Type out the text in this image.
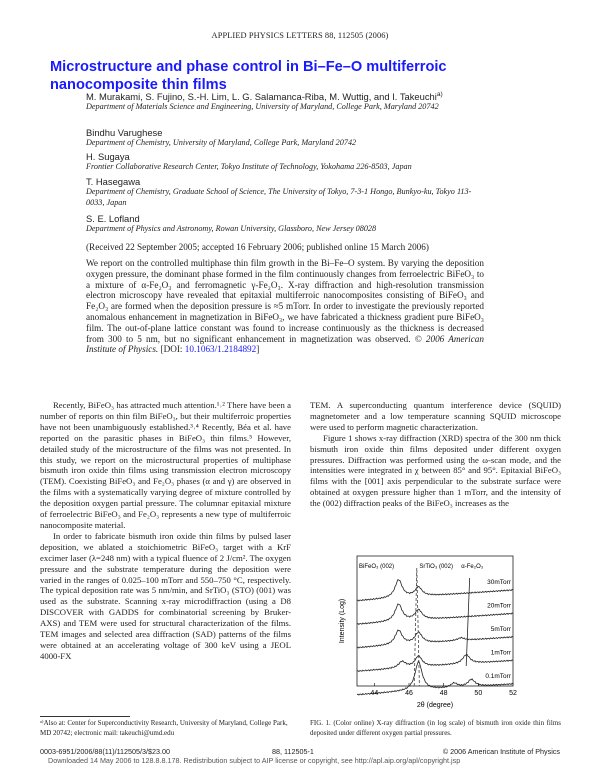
APPLIED PHYSICS LETTERS 88, 112505 (2006)
Microstructure and phase control in Bi–Fe–O multiferroic nanocomposite thin films
M. Murakami, S. Fujino, S.-H. Lim, L. G. Salamanca-Riba, M. Wuttig, and I. Takeuchi$^{a)}$
Department of Materials Science and Engineering, University of Maryland, College Park, Maryland 20742
Bindhu Varughese
Department of Chemistry, University of Maryland, College Park, Maryland 20742
H. Sugaya
Frontier Collaborative Research Center, Tokyo Institute of Technology, Yokohama 226-8503, Japan
T. Hasegawa
Department of Chemistry, Graduate School of Science, The University of Tokyo, 7-3-1 Hongo, Bunkyo-ku, Tokyo 113-0033, Japan
S. E. Lofland
Department of Physics and Astronomy, Rowan University, Glassboro, New Jersey 08028
(Received 22 September 2005; accepted 16 February 2006; published online 15 March 2006)
We report on the controlled multiphase thin film growth in the Bi–Fe–O system. By varying the deposition oxygen pressure, the dominant phase formed in the film continuously changes from ferroelectric BiFeO₃ to a mixture of α-Fe₂O₃ and ferromagnetic γ-Fe₂O₃. X-ray diffraction and high-resolution transmission electron microscopy have revealed that epitaxial multiferroic nanocomposites consisting of BiFeO₃ and Fe₂O₃ are formed when the deposition pressure is ≈5 mTorr. In order to investigate the previously reported anomalous enhancement in magnetization in BiFeO₃, we have fabricated a thickness gradient pure BiFeO₃ film. The out-of-plane lattice constant was found to increase continuously as the thickness is decreased from 300 to 5 nm, but no significant enhancement in magnetization was observed. © 2006 American Institute of Physics. [DOI: 10.1063/1.2184892]

Recently, BiFeO₃ has attracted much attention.¹˒² There have been a number of reports on thin film BiFeO₃, but their multiferroic properties have not been unambiguously established.³˒⁴ Recently, Béa et al. have reported on the parasitic phases in BiFeO₃ thin films.⁵ However, detailed study of the microstructure of the films was not presented. In this study, we report on the microstructural properties of multiphase bismuth iron oxide thin films using transmission electron microscopy (TEM). Coexisting BiFeO₃ and Fe₂O₃ phases (α and γ) are observed in the films with a systematically varying degree of mixture controlled by the deposition oxygen partial pressure. The columnar epitaxial mixture of ferroelectric BiFeO₃ and Fe₂O₃ represents a new type of multiferroic nanocomposite material.

In order to fabricate bismuth iron oxide thin films by pulsed laser deposition, we ablated a stoichiometric BiFeO₃ target with a KrF excimer laser (λ=248 nm) with a typical fluence of 2 J/cm². The oxygen pressure and the substrate temperature during the deposition were varied in the ranges of 0.025–100 mTorr and 550–750 °C, respectively. The typical deposition rate was 5 nm/min, and SrTiO₃ (STO) (001) was used as the substrate. Scanning x-ray microdiffraction (using a D8 DISCOVER with GADDS for combinatorial screening by Bruker-AXS) and TEM were used for structural characterization of the films. TEM images and selected area diffraction (SAD) patterns of the films were obtained at an accelerating voltage of 300 keV using a JEOL 4000-FX

ᵃ⁾Also at: Center for Superconductivity Research, University of Maryland, College Park, MD 20742; electronic mail: takeuchi@umd.edu

TEM. A superconducting quantum interference device (SQUID) magnetometer and a low temperature scanning SQUID microscope were used to perform magnetic characterization.

Figure 1 shows x-ray diffraction (XRD) spectra of the 300 nm thick bismuth iron oxide thin films deposited under different oxygen pressures. Diffraction was performed using the ω-scan mode, and the intensities were integrated in χ between 85° and 95°. Epitaxial BiFeO₃ films with the [001] axis perpendicular to the substrate surface were obtained at oxygen pressure higher than 1 mTorr, and the intensity of the (002) diffraction peaks of the BiFeO₃ increases as the

44	46	48	50	52
2θ (degree)
Intensity (Log)
30mTorr
20mTorr
5mTorr
1mTorr
0.1mTorr
BiFeO₃ (002)	SrTiO₃ (002) α-Fe₂O₃
FIG. 1. (Color online) X-ray diffraction (in log scale) of bismuth iron oxide thin films deposited under different oxygen partial pressures.
0003-6951/2006/88(11)/112505/3/$23.00	88, 112505-1	© 2006 American Institute of Physics
Downloaded 14 May 2006 to 128.8.8.178. Redistribution subject to AIP license or copyright, see http://apl.aip.org/apl/copyright.jsp
